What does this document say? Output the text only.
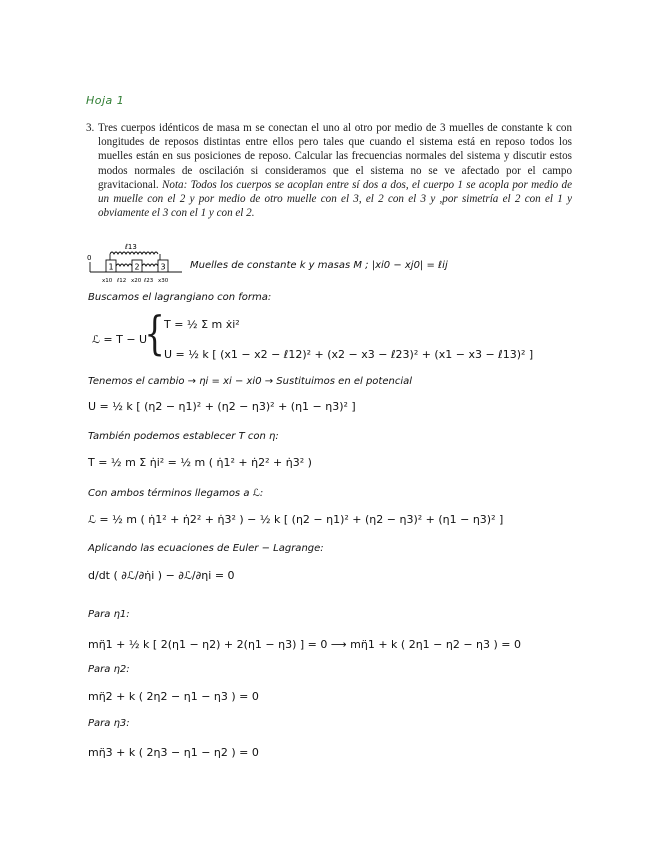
Hoja 1
3. Tres cuerpos idénticos de masa m se conectan el uno al otro por medio de 3 muelles de constante k con longitudes de reposos distintas entre ellos pero tales que cuando el sistema está en reposo todos los muelles están en sus posiciones de reposo. Calcular las frecuencias normales del sistema y discutir estos modos normales de oscilación si consideramos que el sistema no se ve afectado por el campo gravitacional. Nota: Todos los cuerpos se acoplan entre sí dos a dos, el cuerpo 1 se acopla por medio de un muelle con el 2 y por medio de otro muelle con el 3, el 2 con el 3 y ,por simetría el 2 con el 1 y obviamente el 3 con el 1 y con el 2.
ℓ13
0
1	2	3
x10 ℓ12 x20 ℓ23 x30
Muelles de constante k y masas M ; |xi0 − xj0| = ℓij
Buscamos el lagrangiano con forma:
ℒ = T − U
{ T = ½ Σ m ẋi²
U = ½ k [ (x1 − x2 − ℓ12)² + (x2 − x3 − ℓ23)² + (x1 − x3 − ℓ13)² ]
Tenemos el cambio → ηi = xi − xi0 → Sustituimos en el potencial
U = ½ k [ (η2 − η1)² + (η2 − η3)² + (η1 − η3)² ]
También podemos establecer T con η:
T = ½ m Σ η̇i² = ½ m ( η̇1² + η̇2² + η̇3² )
Con ambos términos llegamos a ℒ:
ℒ = ½ m ( η̇1² + η̇2² + η̇3² ) − ½ k [ (η2 − η1)² + (η2 − η3)² + (η1 − η3)² ]
Aplicando las ecuaciones de Euler − Lagrange:
d/dt ( ∂ℒ/∂η̇i ) − ∂ℒ/∂ηi = 0
Para η1:
mη̈1 + ½ k [ 2(η1 − η2) + 2(η1 − η3) ] = 0 ⟶ mη̈1 + k ( 2η1 − η2 − η3 ) = 0
Para η2:
mη̈2 + k ( 2η2 − η1 − η3 ) = 0
Para η3:
mη̈3 + k ( 2η3 − η1 − η2 ) = 0
